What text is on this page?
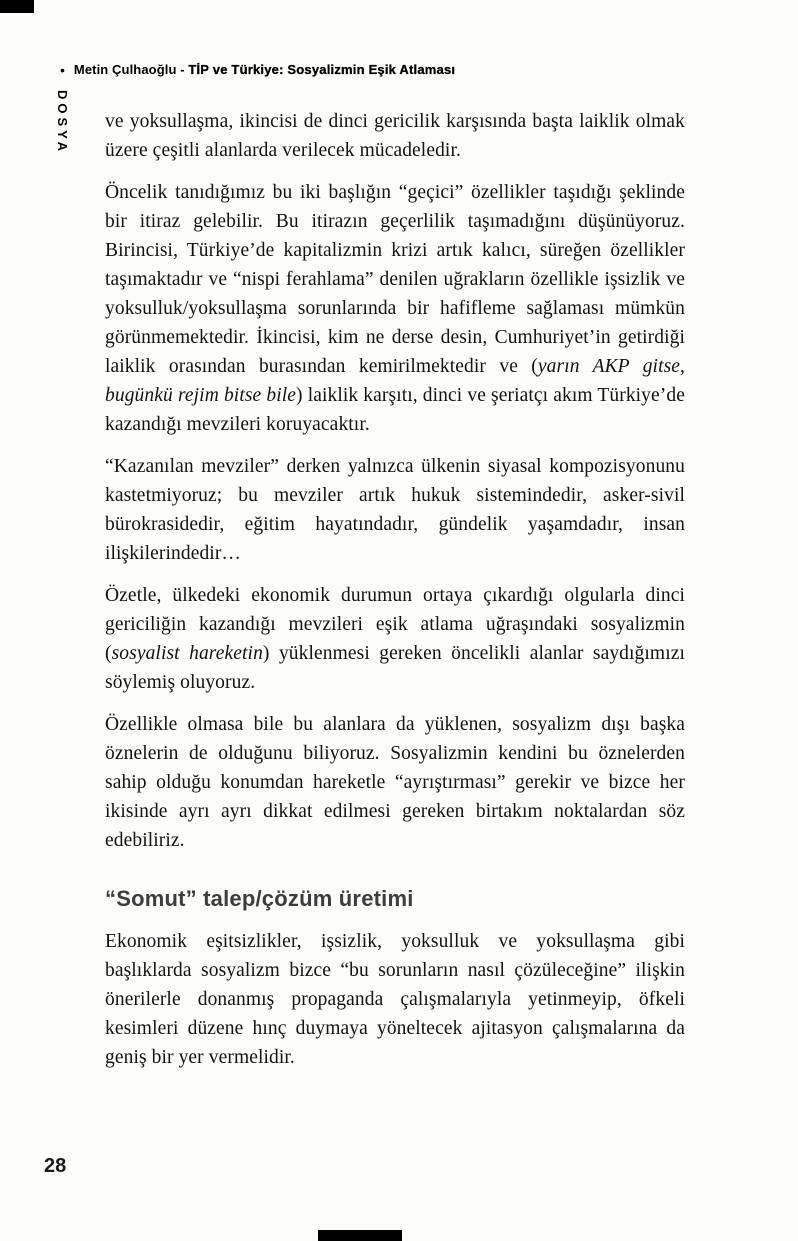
• Metin Çulhaoğlu - TİP ve Türkiye: Sosyalizmin Eşik Atlaması
DOSYA ve yoksullaşma, ikincisi de dinci gericilik karşısında başta laiklik olmak üzere çeşitli alanlarda verilecek mücadeledir.

Öncelik tanıdığımız bu iki başlığın “geçici” özellikler taşıdığı şeklinde bir itiraz gelebilir. Bu itirazın geçerlilik taşımadığını düşünüyoruz. Birincisi, Türkiye’de kapitalizmin krizi artık kalıcı, süreğen özellikler taşımaktadır ve “nispi ferahlama” denilen uğrakların özellikle işsizlik ve yoksulluk/yoksullaşma sorunlarında bir hafifleme sağlaması mümkün görünmemektedir. İkincisi, kim ne derse desin, Cumhuriyet’in getirdiği laiklik orasından burasından kemirilmektedir ve (yarın AKP gitse, bugünkü rejim bitse bile) laiklik karşıtı, dinci ve şeriatçı akım Türkiye’de kazandığı mevzileri koruyacaktır.

“Kazanılan mevziler” derken yalnızca ülkenin siyasal kompozisyonunu kastetmiyoruz; bu mevziler artık hukuk sistemindedir, asker-sivil bürokrasidedir, eğitim hayatındadır, gündelik yaşamdadır, insan ilişkilerindedir…

Özetle, ülkedeki ekonomik durumun ortaya çıkardığı olgularla dinci gericiliğin kazandığı mevzileri eşik atlama uğraşındaki sosyalizmin (sosyalist hareketin) yüklenmesi gereken öncelikli alanlar saydığımızı söylemiş oluyoruz.

Özellikle olmasa bile bu alanlara da yüklenen, sosyalizm dışı başka öznelerin de olduğunu biliyoruz. Sosyalizmin kendini bu öznelerden sahip olduğu konumdan hareketle “ayrıştırması” gerekir ve bizce her ikisinde ayrı ayrı dikkat edilmesi gereken birtakım noktalardan söz edebiliriz.

“Somut” talep/çözüm üretimi

Ekonomik eşitsizlikler, işsizlik, yoksulluk ve yoksullaşma gibi başlıklarda sosyalizm bizce “bu sorunların nasıl çözüleceğine” ilişkin önerilerle donanmış propaganda çalışmalarıyla yetinmeyip, öfkeli kesimleri düzene hınç duymaya yöneltecek ajitasyon çalışmalarına da geniş bir yer vermelidir.

28
